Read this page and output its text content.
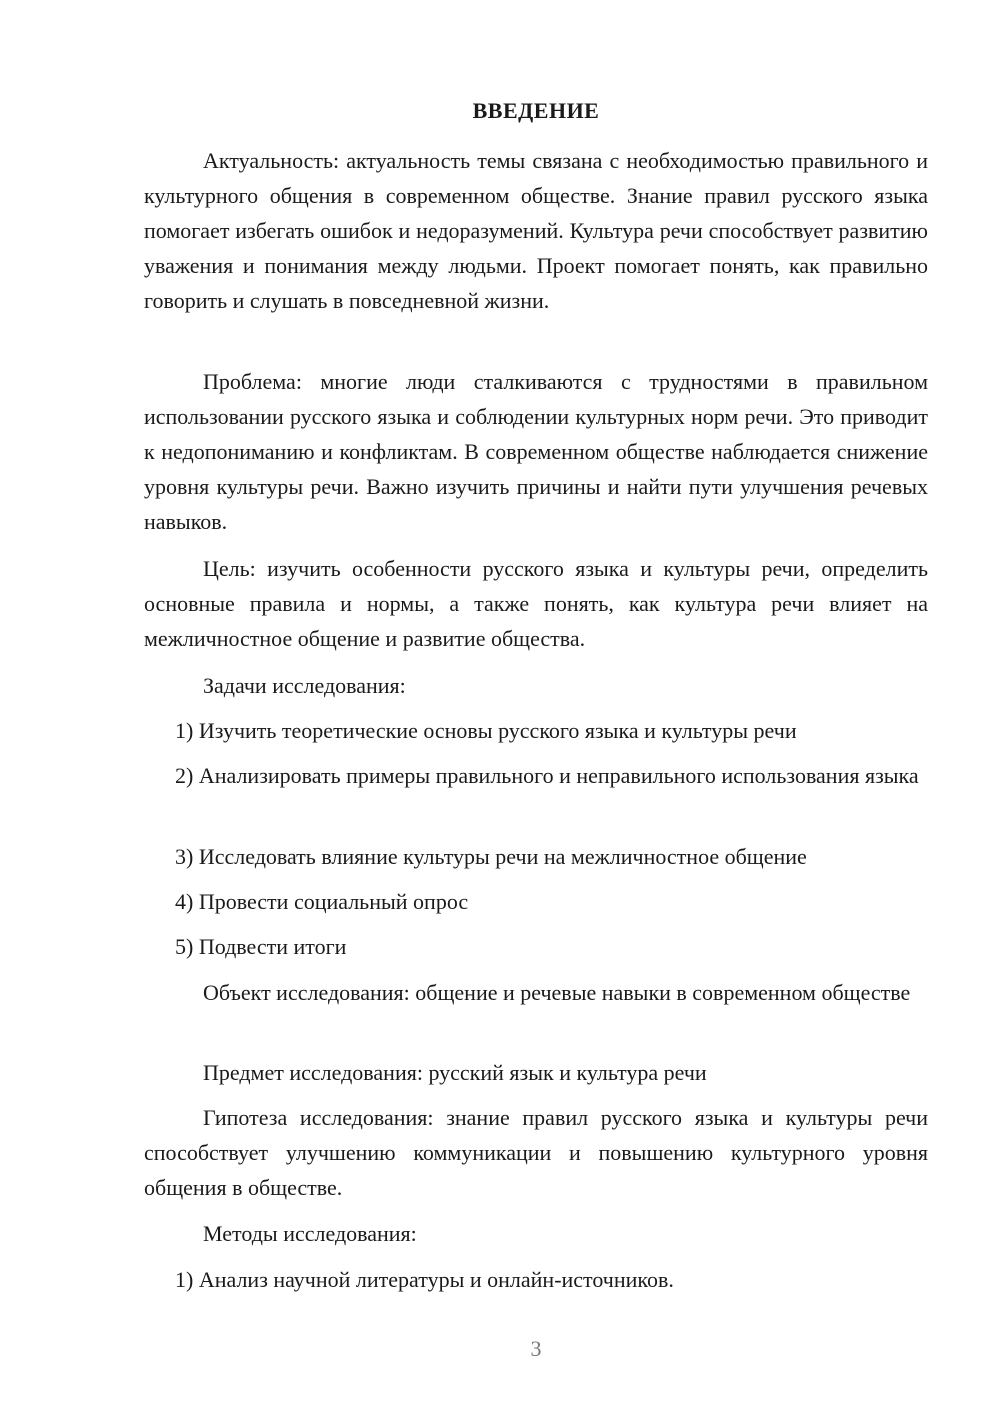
ВВЕДЕНИЕ

Актуальность: актуальность темы связана с необходимостью правильного и культурного общения в современном обществе. Знание правил русского языка помогает избегать ошибок и недоразумений. Культура речи способствует развитию уважения и понимания между людьми. Проект помогает понять, как правильно говорить и слушать в повседневной жизни.

Проблема: многие люди сталкиваются с трудностями в правильном использовании русского языка и соблюдении культурных норм речи. Это приводит к недопониманию и конфликтам. В современном обществе наблюдается снижение уровня культуры речи. Важно изучить причины и найти пути улучшения речевых навыков.

Цель: изучить особенности русского языка и культуры речи, определить основные правила и нормы, а также понять, как культура речи влияет на межличностное общение и развитие общества.

Задачи исследования:

1) Изучить теоретические основы русского языка и культуры речи

2) Анализировать примеры правильного и неправильного использования языка

3) Исследовать влияние культуры речи на межличностное общение

4) Провести социальный опрос

5) Подвести итоги

Объект исследования: общение и речевые навыки в современном обществе

Предмет исследования: русский язык и культура речи

Гипотеза исследования: знание правил русского языка и культуры речи способствует улучшению коммуникации и повышению культурного уровня общения в обществе.

Методы исследования:

1) Анализ научной литературы и онлайн-источников.

3
